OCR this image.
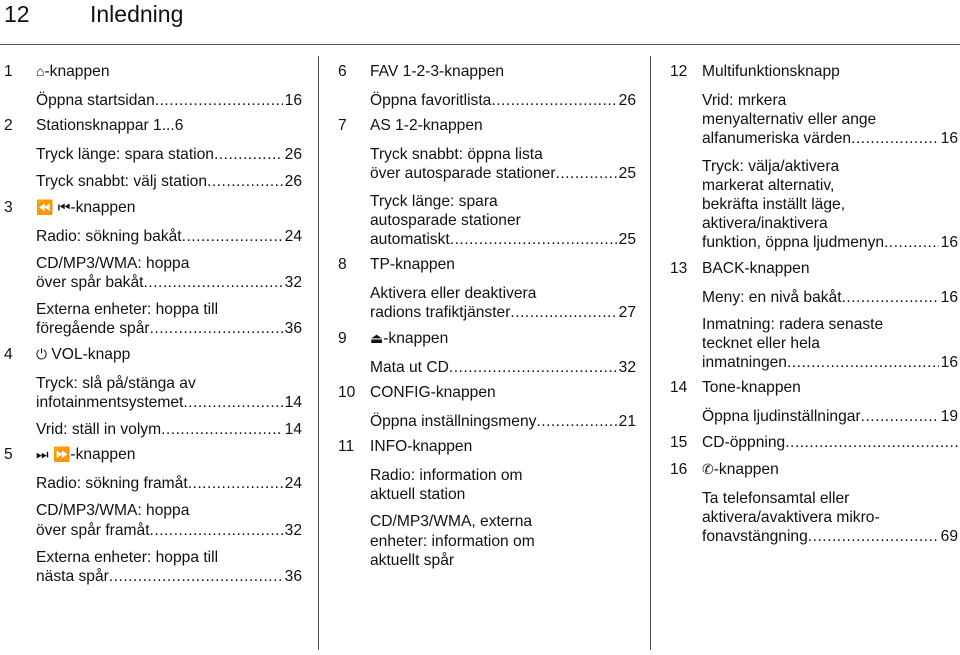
12	Inledning
1 ⌂-knappen
Öppna startsidan .....	16
2 Stationsknappar 1...6
Tryck länge: spara station .....	26
Tryck snabbt: välj station .....	26
3 ⏪ ⏮-knappen
Radio: sökning bakåt .....	24
CD/MP3/WMA: hoppa
över spår bakåt .....	32
Externa enheter: hoppa till
föregående spår .....	36
4 ⏻ VOL-knapp
Tryck: slå på/stänga av
infotainmentsystemet .....	14
Vrid: ställ in volym .....	14
5 ⏭ ⏩-knappen
Radio: sökning framåt .....	24
CD/MP3/WMA: hoppa
över spår framåt .....	32
Externa enheter: hoppa till
nästa spår .....	36
6 FAV 1-2-3-knappen
Öppna favoritlista .....	26
7 AS 1-2-knappen
Tryck snabbt: öppna lista
över autosparade stationer .....	25
Tryck länge: spara
autosparade stationer
automatiskt .....	25
8 TP-knappen
Aktivera eller deaktivera
radions trafiktjänster .....	27
9 ⏏-knappen
Mata ut CD .....	32
10 CONFIG-knappen
Öppna inställningsmeny .....	21
11 INFO-knappen
Radio: information om
aktuell station
CD/MP3/WMA, externa
enheter: information om
aktuellt spår
12 Multifunktionsknapp
Vrid: mrkera
menyalternativ eller ange
alfanumeriska värden .....	16
Tryck: välja/aktivera
markerat alternativ,
bekräfta inställt läge,
aktivera/inaktivera
funktion, öppna ljudmenyn .....	16
13 BACK-knappen
Meny: en nivå bakåt .....	16
Inmatning: radera senaste
tecknet eller hela
inmatningen .....	16
14 Tone-knappen
Öppna ljudinställningar .....	19
15 CD-öppning
.....
16 ✆-knappen
Ta telefonsamtal eller
aktivera/avaktivera mikro-
fonavstängning .....	69
